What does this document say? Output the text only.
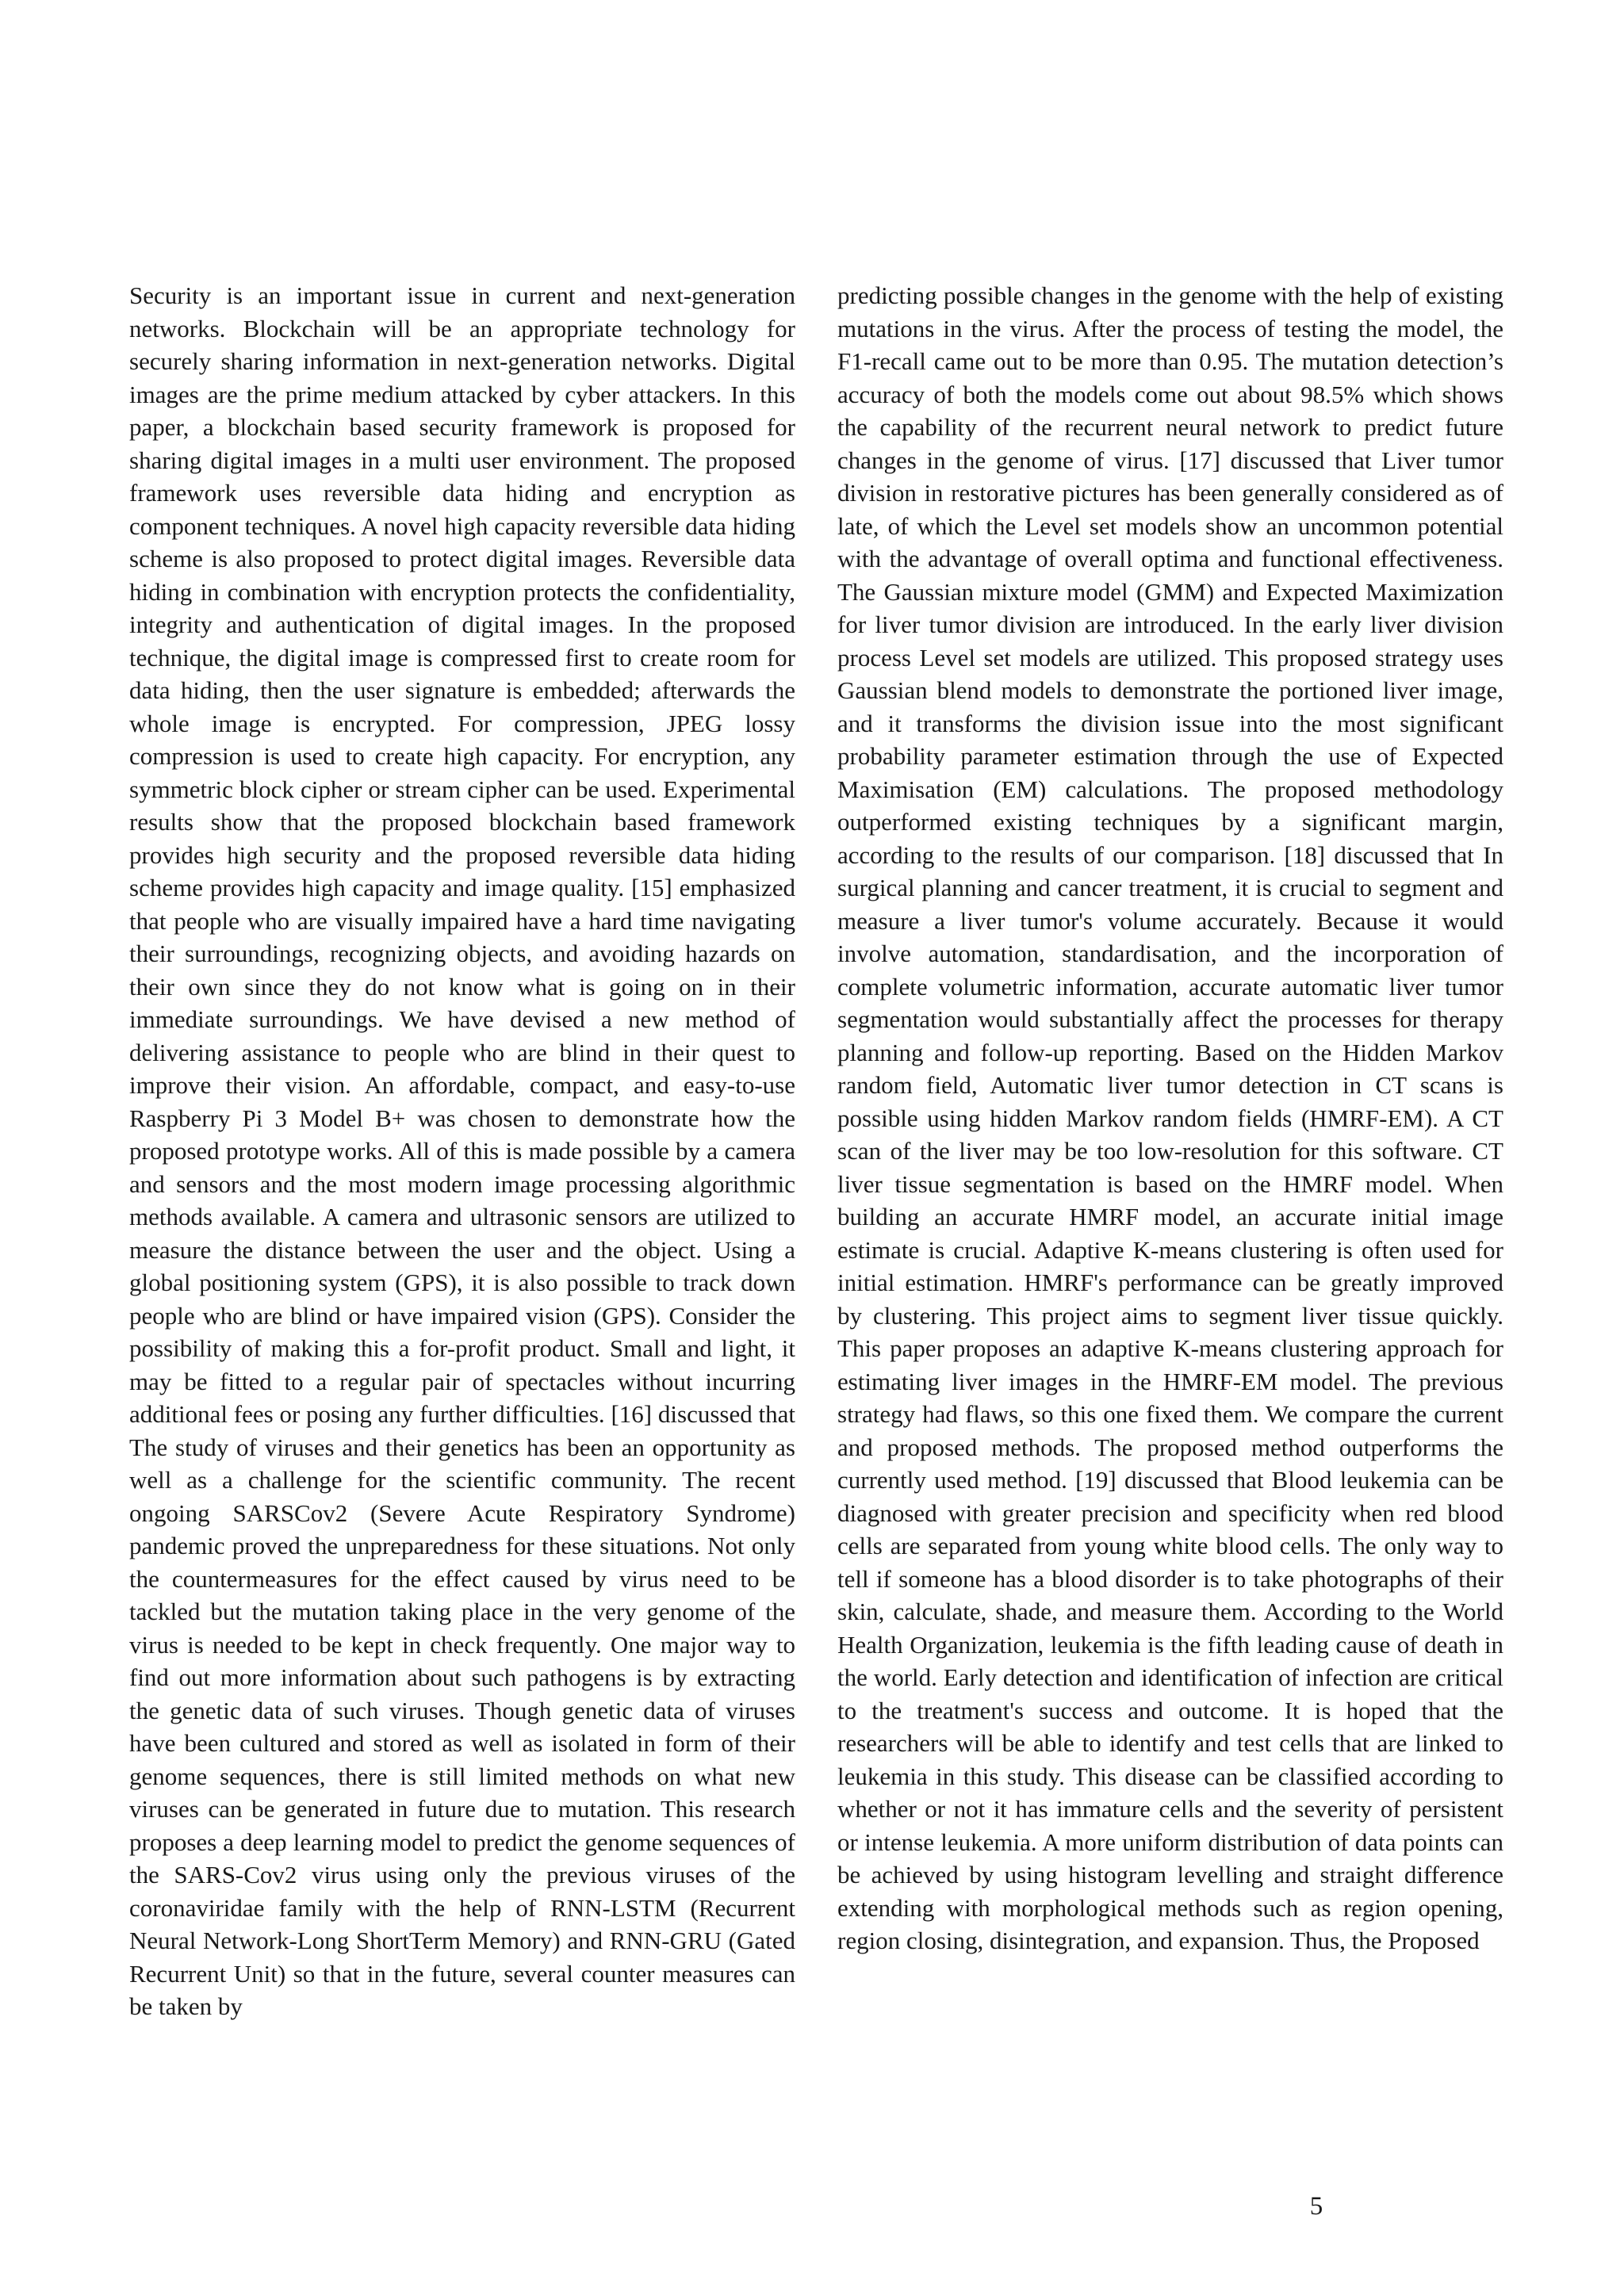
Security is an important issue in current and next-generation networks. Blockchain will be an appropriate technology for securely sharing information in next-generation networks. Digital images are the prime medium attacked by cyber attackers. In this paper, a blockchain based security framework is proposed for sharing digital images in a multi user environment. The proposed framework uses reversible data hiding and encryption as component techniques. A novel high capacity reversible data hiding scheme is also proposed to protect digital images. Reversible data hiding in combination with encryption protects the confidentiality, integrity and authentication of digital images. In the proposed technique, the digital image is compressed first to create room for data hiding, then the user signature is embedded; afterwards the whole image is encrypted. For compression, JPEG lossy compression is used to create high capacity. For encryption, any symmetric block cipher or stream cipher can be used. Experimental results show that the proposed blockchain based framework provides high security and the proposed reversible data hiding scheme provides high capacity and image quality. [15] emphasized that people who are visually impaired have a hard time navigating their surroundings, recognizing objects, and avoiding hazards on their own since they do not know what is going on in their immediate surroundings. We have devised a new method of delivering assistance to people who are blind in their quest to improve their vision. An affordable, compact, and easy-to-use Raspberry Pi 3 Model B+ was chosen to demonstrate how the proposed prototype works. All of this is made possible by a camera and sensors and the most modern image processing algorithmic methods available. A camera and ultrasonic sensors are utilized to measure the distance between the user and the object. Using a global positioning system (GPS), it is also possible to track down people who are blind or have impaired vision (GPS). Consider the possibility of making this a for-profit product. Small and light, it may be fitted to a regular pair of spectacles without incurring additional fees or posing any further difficulties. [16] discussed that The study of viruses and their genetics has been an opportunity as well as a challenge for the scientific community. The recent ongoing SARSCov2 (Severe Acute Respiratory Syndrome) pandemic proved the unpreparedness for these situations. Not only the countermeasures for the effect caused by virus need to be tackled but the mutation taking place in the very genome of the virus is needed to be kept in check frequently. One major way to find out more information about such pathogens is by extracting the genetic data of such viruses. Though genetic data of viruses have been cultured and stored as well as isolated in form of their genome sequences, there is still limited methods on what new viruses can be generated in future due to mutation. This research proposes a deep learning model to predict the genome sequences of the SARS-Cov2 virus using only the previous viruses of the coronaviridae family with the help of RNN-LSTM (Recurrent Neural Network-Long ShortTerm Memory) and RNN-GRU (Gated Recurrent Unit) so that in the future, several counter measures can be taken by

predicting possible changes in the genome with the help of existing mutations in the virus. After the process of testing the model, the F1-recall came out to be more than 0.95. The mutation detection’s accuracy of both the models come out about 98.5% which shows the capability of the recurrent neural network to predict future changes in the genome of virus. [17] discussed that Liver tumor division in restorative pictures has been generally considered as of late, of which the Level set models show an uncommon potential with the advantage of overall optima and functional effectiveness. The Gaussian mixture model (GMM) and Expected Maximization for liver tumor division are introduced. In the early liver division process Level set models are utilized. This proposed strategy uses Gaussian blend models to demonstrate the portioned liver image, and it transforms the division issue into the most significant probability parameter estimation through the use of Expected Maximisation (EM) calculations. The proposed methodology outperformed existing techniques by a significant margin, according to the results of our comparison. [18] discussed that In surgical planning and cancer treatment, it is crucial to segment and measure a liver tumor's volume accurately. Because it would involve automation, standardisation, and the incorporation of complete volumetric information, accurate automatic liver tumor segmentation would substantially affect the processes for therapy planning and follow-up reporting. Based on the Hidden Markov random field, Automatic liver tumor detection in CT scans is possible using hidden Markov random fields (HMRF-EM). A CT scan of the liver may be too low-resolution for this software. CT liver tissue segmentation is based on the HMRF model. When building an accurate HMRF model, an accurate initial image estimate is crucial. Adaptive K-means clustering is often used for initial estimation. HMRF's performance can be greatly improved by clustering. This project aims to segment liver tissue quickly. This paper proposes an adaptive K-means clustering approach for estimating liver images in the HMRF-EM model. The previous strategy had flaws, so this one fixed them. We compare the current and proposed methods. The proposed method outperforms the currently used method. [19] discussed that Blood leukemia can be diagnosed with greater precision and specificity when red blood cells are separated from young white blood cells. The only way to tell if someone has a blood disorder is to take photographs of their skin, calculate, shade, and measure them. According to the World Health Organization, leukemia is the fifth leading cause of death in the world. Early detection and identification of infection are critical to the treatment's success and outcome. It is hoped that the researchers will be able to identify and test cells that are linked to leukemia in this study. This disease can be classified according to whether or not it has immature cells and the severity of persistent or intense leukemia. A more uniform distribution of data points can be achieved by using histogram levelling and straight difference extending with morphological methods such as region opening, region closing, disintegration, and expansion. Thus, the Proposed

5
